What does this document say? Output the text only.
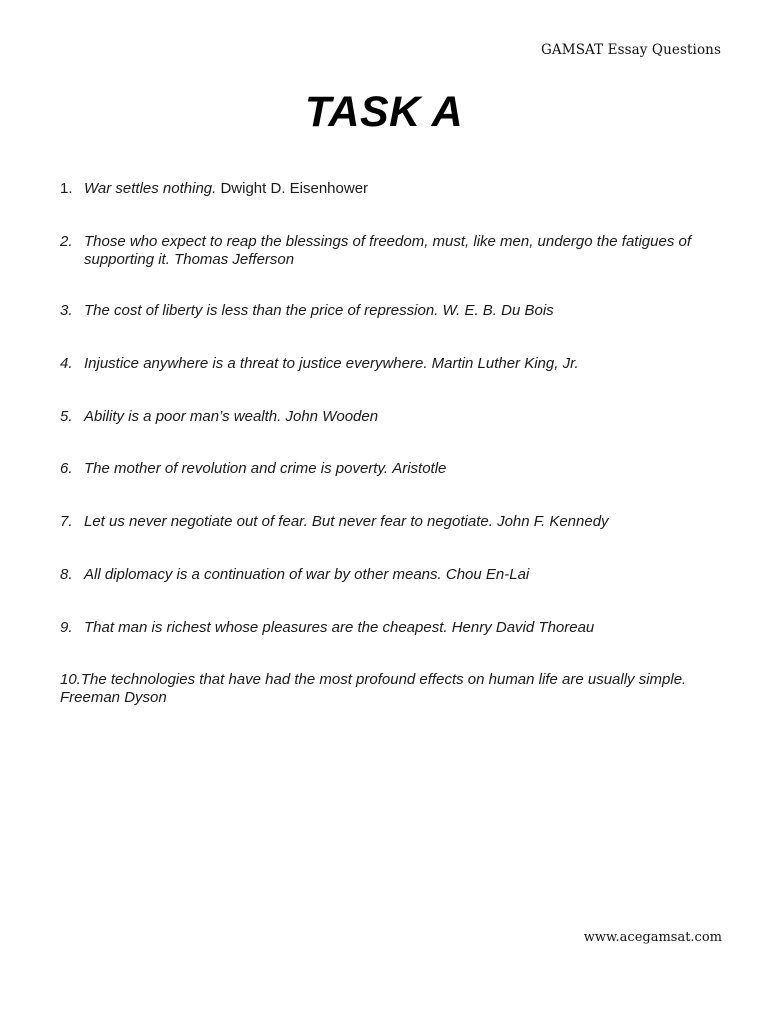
GAMSAT Essay Questions
TASK A
1. War settles nothing. Dwight D. Eisenhower
2. Those who expect to reap the blessings of freedom, must, like men, undergo the fatigues of supporting it. Thomas Jefferson
3. The cost of liberty is less than the price of repression. W. E. B. Du Bois
4. Injustice anywhere is a threat to justice everywhere. Martin Luther King, Jr.
5. Ability is a poor man’s wealth. John Wooden
6. The mother of revolution and crime is poverty. Aristotle
7. Let us never negotiate out of fear. But never fear to negotiate. John F. Kennedy
8. All diplomacy is a continuation of war by other means. Chou En-Lai
9. That man is richest whose pleasures are the cheapest. Henry David Thoreau
10.The technologies that have had the most profound effects on human life are usually simple. Freeman Dyson
www.acegamsat.com
